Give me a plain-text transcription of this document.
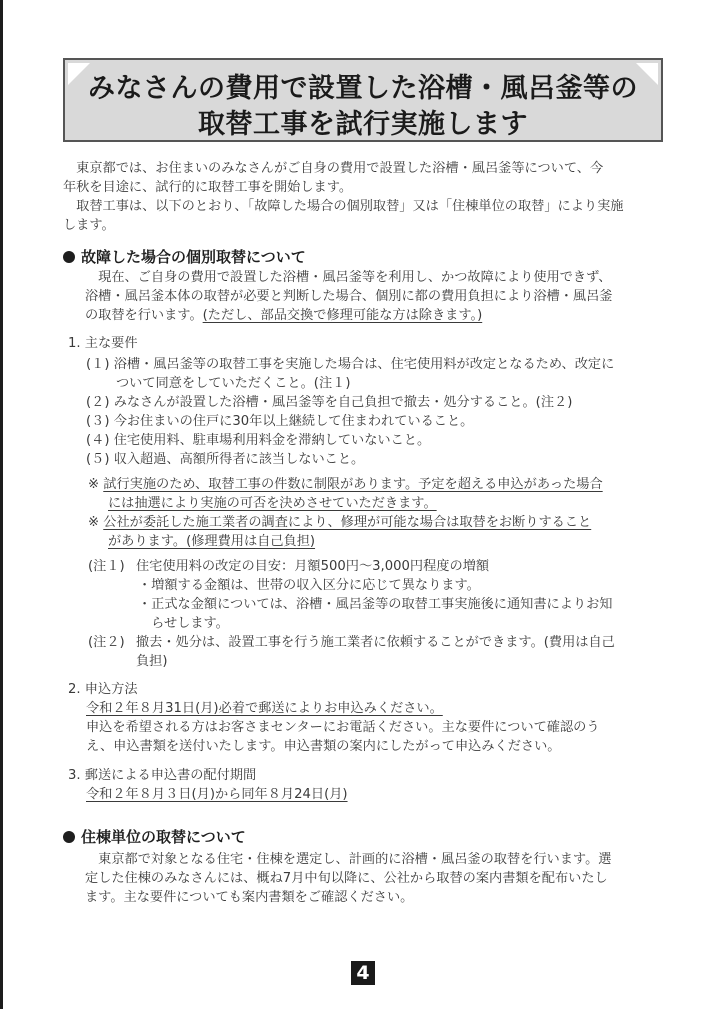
みなさんの費用で設置した浴槽・風呂釜等の
取替工事を試行実施します
　東京都では、お住まいのみなさんがご自身の費用で設置した浴槽・風呂釜等について、今
年秋を目途に、試行的に取替工事を開始します。
　取替工事は、以下のとおり、「故障した場合の個別取替」又は「住棟単位の取替」により実施
します。
故障した場合の個別取替について
　現在、ご自身の費用で設置した浴槽・風呂釜等を利用し、かつ故障により使用できず、
浴槽・風呂釜本体の取替が必要と判断した場合、個別に都の費用負担により浴槽・風呂釜
の取替を行います。(ただし、部品交換で修理可能な方は除きます。)
1. 主な要件
(１) 浴槽・風呂釜等の取替工事を実施した場合は、住宅使用料が改定となるため、改定に
ついて同意をしていただくこと。(注１)
(２) みなさんが設置した浴槽・風呂釜等を自己負担で撤去・処分すること。(注２)
(３) 今お住まいの住戸に30年以上継続して住まわれていること。
(４) 住宅使用料、駐車場利用料金を滞納していないこと。
(５) 収入超過、高額所得者に該当しないこと。
※ 試行実施のため、取替工事の件数に制限があります。予定を超える申込があった場合
には抽選により実施の可否を決めさせていただきます。
※ 公社が委託した施工業者の調査により、修理が可能な場合は取替をお断りすること
があります。(修理費用は自己負担)
(注１) 住宅使用料の改定の目安：月額500円～3,000円程度の増額
・増額する金額は、世帯の収入区分に応じて異なります。
・正式な金額については、浴槽・風呂釜等の取替工事実施後に通知書によりお知
　らせします。
(注２) 撤去・処分は、設置工事を行う施工業者に依頼することができます。(費用は自己
負担)
2. 申込方法
令和２年８月31日(月)必着で郵送によりお申込みください。
申込を希望される方はお客さまセンターにお電話ください。主な要件について確認のう
え、申込書類を送付いたします。申込書類の案内にしたがって申込みください。
3. 郵送による申込書の配付期間
令和２年８月３日(月)から同年８月24日(月)
住棟単位の取替について
　東京都で対象となる住宅・住棟を選定し、計画的に浴槽・風呂釜の取替を行います。選
定した住棟のみなさんには、概ね7月中旬以降に、公社から取替の案内書類を配布いたし
ます。主な要件についても案内書類をご確認ください。
4
